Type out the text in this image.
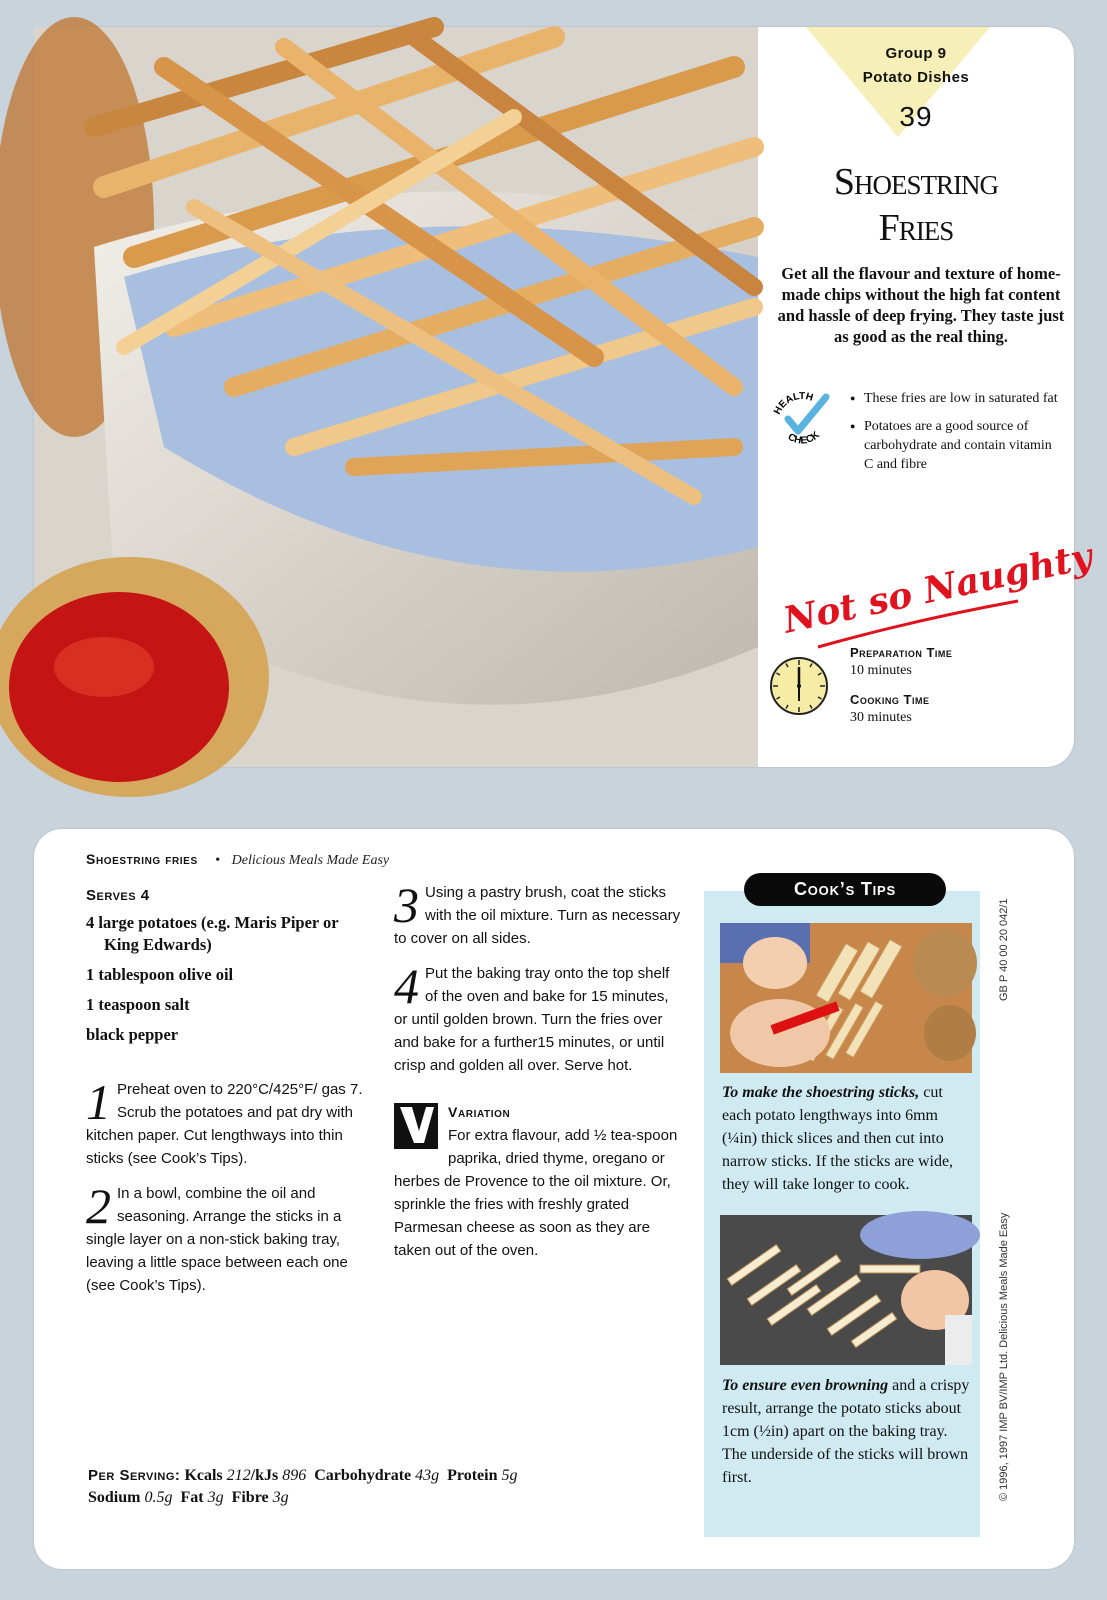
Group 9
Potato Dishes
39
Shoestring
Fries
Get all the flavour and texture of home-made chips without the high fat content and hassle of deep frying. They taste just as good as the real thing.
HEALTH
CHECK
● These fries are low in saturated fat
● Potatoes are a good source of carbohydrate and contain vitamin C and fibre
Not so Naughty
Preparation Time
10 minutes
Cooking Time
30 minutes
Shoestring fries • Delicious Meals Made Easy
Serves 4
4 large potatoes (e.g. Maris Piper or King Edwards)
1 tablespoon olive oil
1 teaspoon salt
black pepper
1 Preheat oven to 220°C/425°F/ gas 7. Scrub the potatoes and pat dry with kitchen paper. Cut lengthways into thin sticks (see Cook’s Tips).
2 In a bowl, combine the oil and seasoning. Arrange the sticks in a single layer on a non-stick baking tray, leaving a little space between each one (see Cook’s Tips).
3 Using a pastry brush, coat the sticks with the oil mixture. Turn as necessary to cover on all sides.
4 Put the baking tray onto the top shelf of the oven and bake for 15 minutes, or until golden brown. Turn the fries over and bake for a further15 minutes, or until crisp and golden all over. Serve hot.
Variation
For extra flavour, add ½ tea-spoon paprika, dried thyme, oregano or herbes de Provence to the oil mixture. Or, sprinkle the fries with freshly grated Parmesan cheese as soon as they are taken out of the oven.
Per Serving: Kcals 212/kJs 896 Carbohydrate 43g Protein 5g
Sodium 0.5g Fat 3g Fibre 3g
Cook’s Tips
To make the shoestring sticks, cut each potato lengthways into 6mm (¼in) thick slices and then cut into narrow sticks. If the sticks are wide, they will take longer to cook.
To ensure even browning and a crispy result, arrange the potato sticks about 1cm (½in) apart on the baking tray. The underside of the sticks will brown first.
GB P 40 00 20 042/1
© 1996, 1997 IMP BV/IMP Ltd. Delicious Meals Made Easy
